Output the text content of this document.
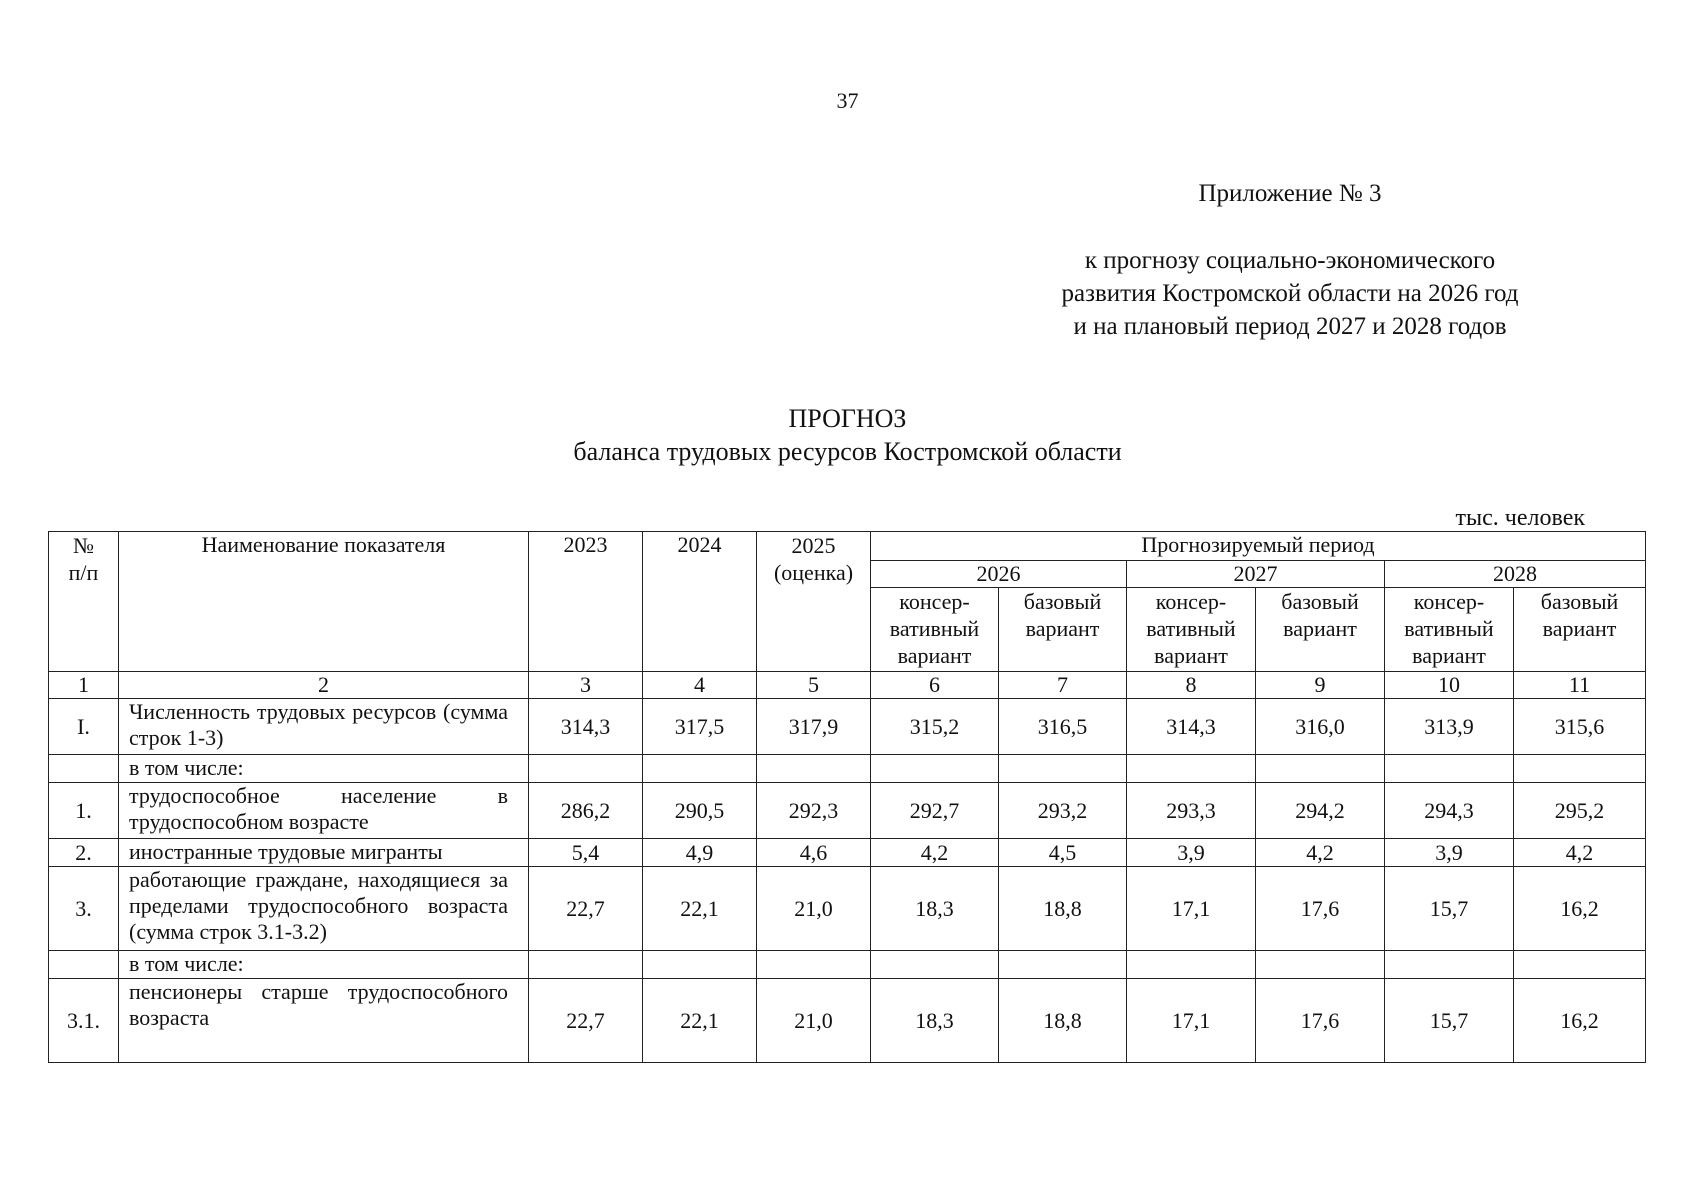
37
Приложение № 3
к прогнозу социально-экономического
развития Костромской области на 2026 год
и на плановый период 2027 и 2028 годов
ПРОГНОЗ
баланса трудовых ресурсов Костромской области
тыс. человек
№ п/п	Наименование показателя	2023	2024	2025 (оценка)	Прогнозируемый период					
					2026		2027		2028	
					консер-вативный вариант	базовый вариант	консер-вативный вариант	базовый вариант	консер-вативный вариант	базовый вариант
1	2	3	4	5	6	7	8	9	10	11
I.	Численность трудовых ресурсов (сумма строк 1-3)	314,3	317,5	317,9	315,2	316,5	314,3	316,0	313,9	315,6
	в том числе:									
1.	трудоспособное население в трудоспособном возрасте	286,2	290,5	292,3	292,7	293,2	293,3	294,2	294,3	295,2
2.	иностранные трудовые мигранты	5,4	4,9	4,6	4,2	4,5	3,9	4,2	3,9	4,2
3.	работающие граждане, находящиеся за пределами трудоспособного возраста (сумма строк 3.1-3.2)	22,7	22,1	21,0	18,3	18,8	17,1	17,6	15,7	16,2
	в том числе:									
3.1.	пенсионеры старше трудоспособного возраста	22,7	22,1	21,0	18,3	18,8	17,1	17,6	15,7	16,2
